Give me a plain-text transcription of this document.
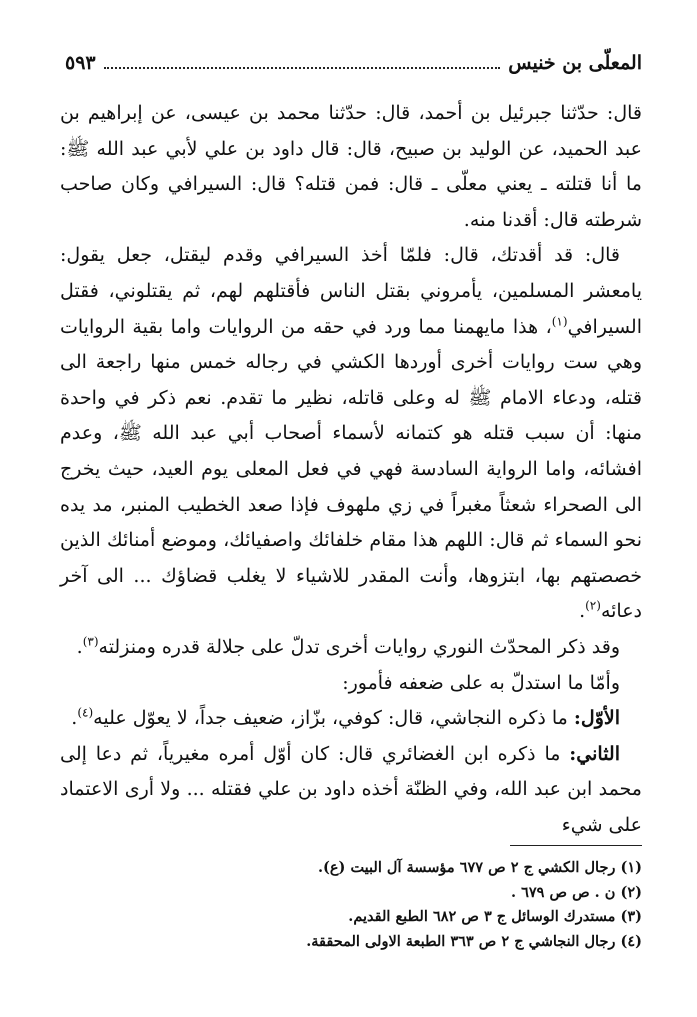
المعلّى بن خنيس
٥٩٣

قال: حدّثنا جبرئيل بن أحمد، قال: حدّثنا محمد بن عيسى، عن إبراهيم بن عبد الحميد، عن الوليد بن صبيح، قال: قال داود بن علي لأبي عبد الله ﷺ: ما أنا قتلته ـ يعني معلّى ـ قال: فمن قتله؟ قال: السيرافي وكان صاحب شرطته قال: أقدنا منه.

قال: قد أقدتك، قال: فلمّا أخذ السيرافي وقدم ليقتل، جعل يقول: يامعشر المسلمين، يأمروني بقتل الناس فأقتلهم لهم، ثم يقتلوني، فقتل السيرافي$^{(١)}$، هذا مايهمنا مما ورد في حقه من الروايات واما بقية الروايات وهي ست روايات أخرى أوردها الكشي في رجاله خمس منها راجعة الى قتله، ودعاء الامام ﷺ له وعلى قاتله، نظير ما تقدم. نعم ذكر في واحدة منها: أن سبب قتله هو كتمانه لأسماء أصحاب أبي عبد الله ﷺ، وعدم افشائه، واما الرواية السادسة فهي في فعل المعلى يوم العيد، حيث يخرج الى الصحراء شعثاً مغبراً في زي ملهوف فإذا صعد الخطيب المنبر، مد يده نحو السماء ثم قال: اللهم هذا مقام خلفائك واصفيائك، وموضع أمنائك الذين خصصتهم بها، ابتزوها، وأنت المقدر للاشياء لا يغلب قضاؤك ... الى آخر دعائه$^{(٢)}$.

وقد ذكر المحدّث النوري روايات أخرى تدلّ على جلالة قدره ومنزلته$^{(٣)}$.

وأمّا ما استدلّ به على ضعفه فأمور:

الأوّل: ما ذكره النجاشي، قال: كوفي، بزّاز، ضعيف جداً، لا يعوّل عليه$^{(٤)}$.

الثاني: ما ذكره ابن الغضائري قال: كان أوّل أمره مغيرياً، ثم دعا إلى محمد ابن عبد الله، وفي الظنّة أخذه داود بن علي فقتله ... ولا أرى الاعتماد على شيء

(١) رجال الكشي ج ٢ ص ٦٧٧ مؤسسة آل البيت (ع).
(٢) ن . ص ص ٦٧٩ .
(٣) مستدرك الوسائل ج ٣ ص ٦٨٢ الطبع القديم.
(٤) رجال النجاشي ج ٢ ص ٣٦٣ الطبعة الاولى المحققة.
